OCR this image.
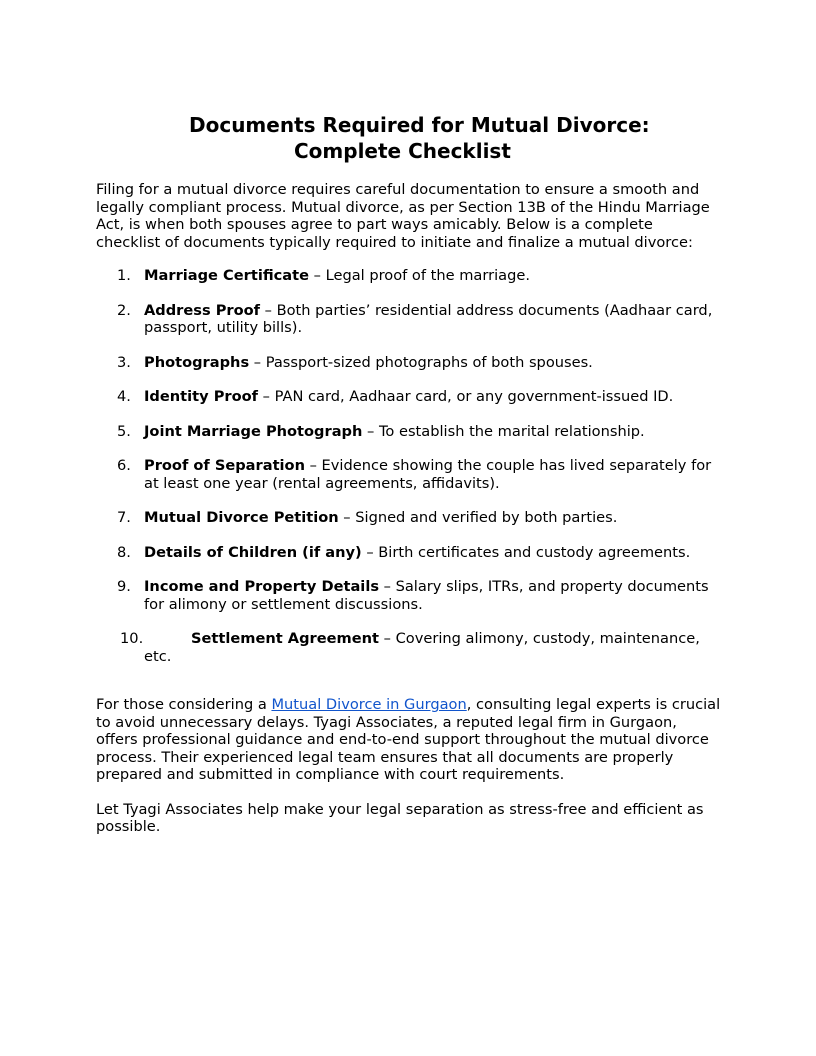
Documents Required for Mutual Divorce:
Complete Checklist

Filing for a mutual divorce requires careful documentation to ensure a smooth and legally compliant process. Mutual divorce, as per Section 13B of the Hindu Marriage Act, is when both spouses agree to part ways amicably. Below is a complete checklist of documents typically required to initiate and finalize a mutual divorce:

1. Marriage Certificate – Legal proof of the marriage.
2. Address Proof – Both parties’ residential address documents (Aadhaar card, passport, utility bills).
3. Photographs – Passport-sized photographs of both spouses.
4. Identity Proof – PAN card, Aadhaar card, or any government-issued ID.
5. Joint Marriage Photograph – To establish the marital relationship.
6. Proof of Separation – Evidence showing the couple has lived separately for at least one year (rental agreements, affidavits).
7. Mutual Divorce Petition – Signed and verified by both parties.
8. Details of Children (if any) – Birth certificates and custody agreements.
9. Income and Property Details – Salary slips, ITRs, and property documents for alimony or settlement discussions.
10.	Settlement Agreement – Covering alimony, custody, maintenance, etc.

For those considering a Mutual Divorce in Gurgaon, consulting legal experts is crucial to avoid unnecessary delays. Tyagi Associates, a reputed legal firm in Gurgaon, offers professional guidance and end-to-end support throughout the mutual divorce process. Their experienced legal team ensures that all documents are properly prepared and submitted in compliance with court requirements.

Let Tyagi Associates help make your legal separation as stress-free and efficient as possible.
